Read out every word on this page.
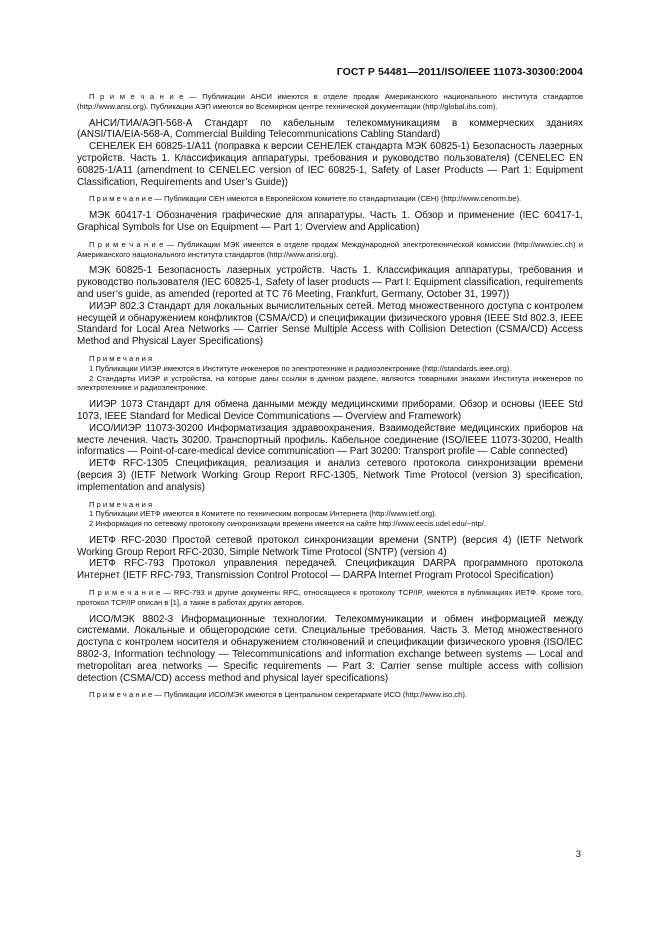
ГОСТ Р 54481—2011/ISO/IEEE 11073-30300:2004

П р и м е ч а н и е — Публикации АНСИ имеются в отделе продаж Американского национального института стандартов (http://www.ansi.org). Публикации АЭП имеются во Всемирном центре технической документации (http://global.ihs.com).

АНСИ/ТИА/АЭП-568-А Стандарт по кабельным телекоммуникациям в коммерческих зданиях (ANSI/TIA/EIA-568-A, Commercial Building Telecommunications Cabling Standard)

СЕНЕЛЕК ЕН 60825-1/А11 (поправка к версии СЕНЕЛЕК стандарта МЭК 60825-1) Безопасность лазерных устройств. Часть 1. Классификация аппаратуры, требования и руководство пользователя) (CENELEC EN 60825-1/A11 (amendment to CENELEC version of IEC 60825-1, Safety of Laser Products — Part 1: Equipment Classification, Requirements and User’s Guide))

П р и м е ч а н и е — Публикации СЕН имеются в Европейском комитете по стандартизации (СЕН) (http://www.cenorm.be).

МЭК 60417-1 Обозначения графические для аппаратуры. Часть 1. Обзор и применение (IEC 60417-1, Graphical Symbols for Use on Equipment — Part 1: Overview and Application)

П р и м е ч а н и е — Публикации МЭК имеются в отделе продаж Международной электротехнической комиссии (http://www.iec.ch) и Американского национального института стандартов (http://www.ansi.org).

МЭК 60825-1 Безопасность лазерных устройств. Часть 1. Классификация аппаратуры, требования и руководство пользователя (IEC 60825-1, Safety of laser products — Part I: Equipment classification, requirements and user’s guide, as amended (reported at TC 76 Meeting, Frankfurt, Germany, October 31, 1997))

ИИЭР 802.3 Стандарт для локальных вычислительных сетей. Метод множественного доступа с контролем несущей и обнаружением конфликтов (CSMA/CD) и спецификации физического уровня (IEEE Std 802.3, IEEE Standard for Local Area Networks — Carrier Sense Multiple Access with Collision Detection (CSMA/CD) Access Method and Physical Layer Specifications)

П р и м е ч а н и я

1 Публикации ИИЭР имеются в Институте инженеров по электротехнике и радиоэлектронике (http://standards.ieee.org).

2 Стандарты ИИЭР и устройства, на которые даны ссылки в данном разделе, являются товарными знаками Института инженеров по электротехнике и радиоэлектронике.

ИИЭР 1073 Стандарт для обмена данными между медицинскими приборами. Обзор и основы (IEEE Std 1073, IEEE Standard for Medical Device Communications — Overview and Framework)

ИСО/ИИЭР 11073-30200 Информатизация здравоохранения. Взаимодействие медицинских приборов на месте лечения. Часть 30200. Транспортный профиль. Кабельное соединение (ISO/IEEE 11073-30200, Health informatics — Point-of-care-medical device communication — Part 30200: Transport profile — Cable connected)

ИЕТФ RFC-1305 Спецификация, реализация и анализ сетевого протокола синхронизации времени (версия 3) (IETF Network Working Group Report RFC-1305, Network Time Protocol (version 3) specification, implementation and analysis)

П р и м е ч а н и я

1 Публикации ИЕТФ имеются в Комитете по техническим вопросам Интернета (http://www.ietf.org).

2 Информация по сетевому протоколу синхронизации времени имеется на сайте http://www.eecis.udel.edu/~ntp/.

ИЕТФ RFC-2030 Простой сетевой протокол синхронизации времени (SNTP) (версия 4) (IETF Network Working Group Report RFC-2030, Simple Network Time Protocol (SNTP) (version 4)

ИЕТФ RFC-793 Протокол управления передачей. Спецификация DARPA программного протокола Интернет (IETF RFC-793, Transmission Control Protocol — DARPA Internet Program Protocol Specification)

П р и м е ч а н и е — RFC-793 и другие документы RFC, относящиеся к протоколу TCP/IP, имеются в публикациях ИЕТФ. Кроме того, протокол TCP/IP описан в [1], а также в работах других авторов.

ИСО/МЭК 8802-3 Информационные технологии. Телекоммуникации и обмен информацией между системами. Локальные и общегородские сети. Специальные требования. Часть 3. Метод множественного доступа с контролем носителя и обнаружением столкновений и спецификации физического уровня (ISO/IEC 8802-3, Information technology — Telecommunications and information exchange between systems — Local and metropolitan area networks — Specific requirements — Part 3: Carrier sense multiple access with collision detection (CSMA/CD) access method and physical layer specifications)

П р и м е ч а н и е — Публикации ИСО/МЭК имеются в Центральном секретариате ИСО (http://www.iso.ch).

3
